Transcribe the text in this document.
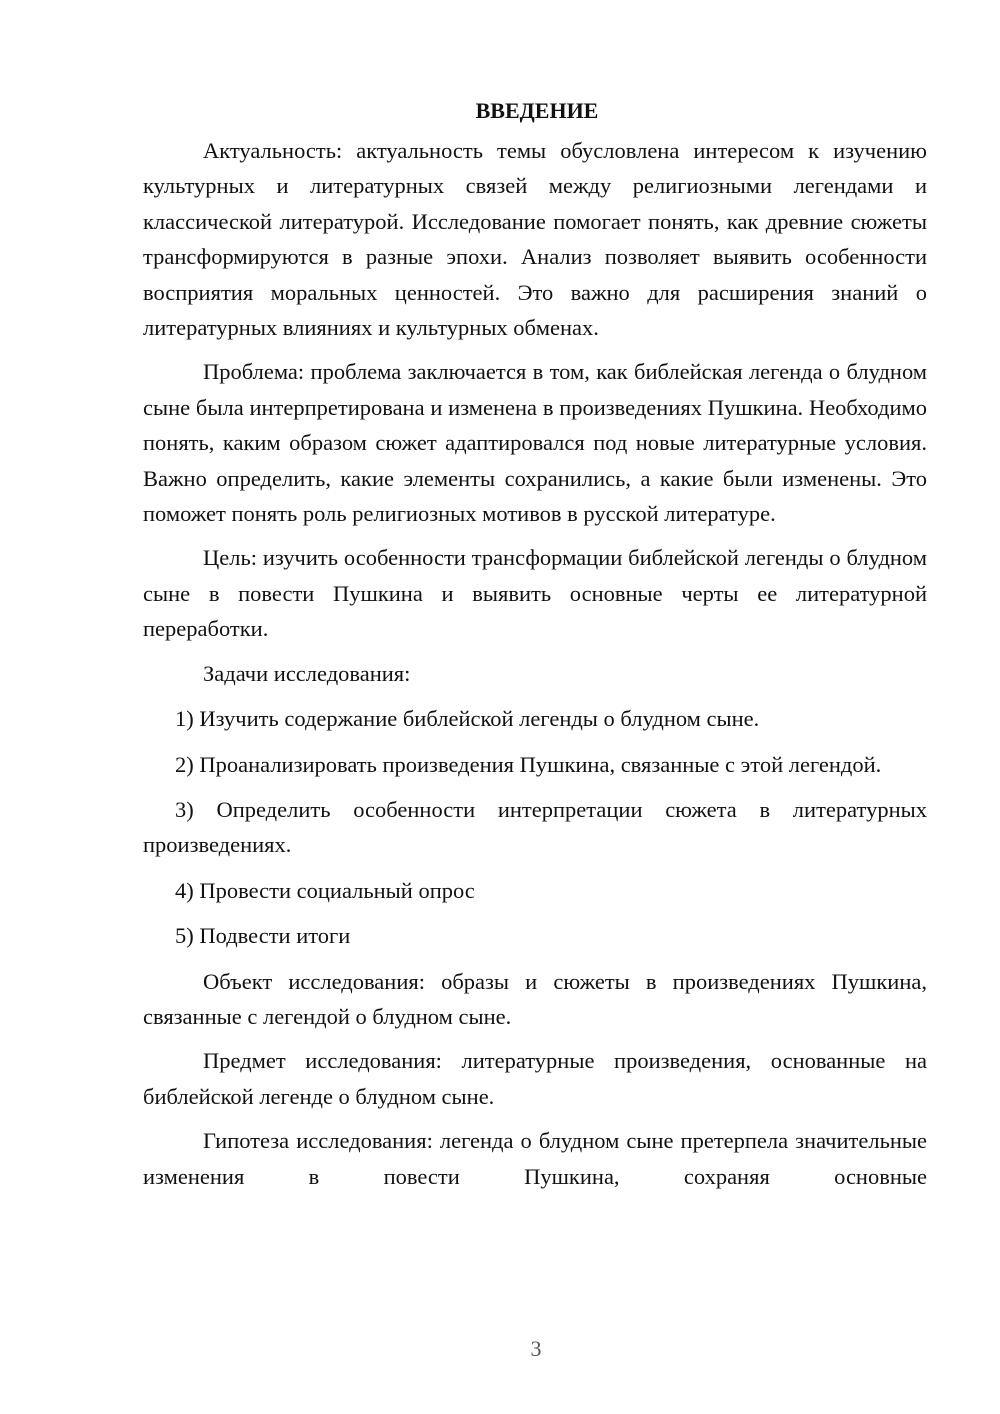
ВВЕДЕНИЕ

Актуальность: актуальность темы обусловлена интересом к изучению культурных и литературных связей между религиозными легендами и классической литературой. Исследование помогает понять, как древние сюжеты трансформируются в разные эпохи. Анализ позволяет выявить особенности восприятия моральных ценностей. Это важно для расширения знаний о литературных влияниях и культурных обменах.

Проблема: проблема заключается в том, как библейская легенда о блудном сыне была интерпретирована и изменена в произведениях Пушкина. Необходимо понять, каким образом сюжет адаптировался под новые литературные условия. Важно определить, какие элементы сохранились, а какие были изменены. Это поможет понять роль религиозных мотивов в русской литературе.

Цель: изучить особенности трансформации библейской легенды о блудном сыне в повести Пушкина и выявить основные черты ее литературной переработки.

Задачи исследования:

1) Изучить содержание библейской легенды о блудном сыне.

2) Проанализировать произведения Пушкина, связанные с этой легендой.

3) Определить особенности интерпретации сюжета в литературных произведениях.

4) Провести социальный опрос

5) Подвести итоги

Объект исследования: образы и сюжеты в произведениях Пушкина, связанные с легендой о блудном сыне.

Предмет исследования: литературные произведения, основанные на библейской легенде о блудном сыне.

Гипотеза исследования: легенда о блудном сыне претерпела значительные изменения в повести Пушкина, сохраняя основные

3
